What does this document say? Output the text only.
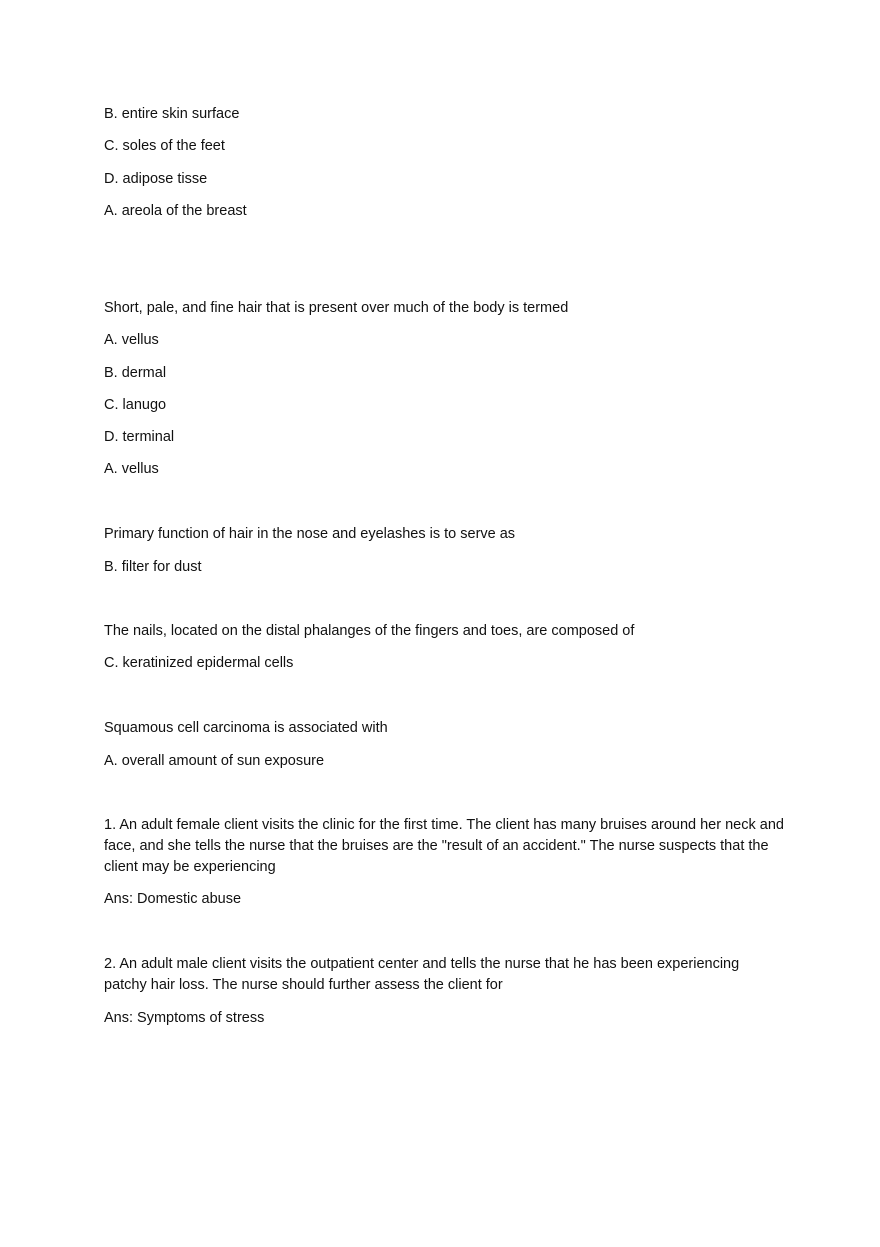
B. entire skin surface

C. soles of the feet

D. adipose tisse

A. areola of the breast

Short, pale, and fine hair that is present over much of the body is termed

A. vellus

B. dermal

C. lanugo

D. terminal

A. vellus

Primary function of hair in the nose and eyelashes is to serve as

B. filter for dust

The nails, located on the distal phalanges of the fingers and toes, are composed of

C. keratinized epidermal cells

Squamous cell carcinoma is associated with

A. overall amount of sun exposure

1. An adult female client visits the clinic for the first time. The client has many bruises around her neck and face, and she tells the nurse that the bruises are the "result of an accident." The nurse suspects that the client may be experiencing

Ans: Domestic abuse

2. An adult male client visits the outpatient center and tells the nurse that he has been experiencing patchy hair loss. The nurse should further assess the client for

Ans: Symptoms of stress
